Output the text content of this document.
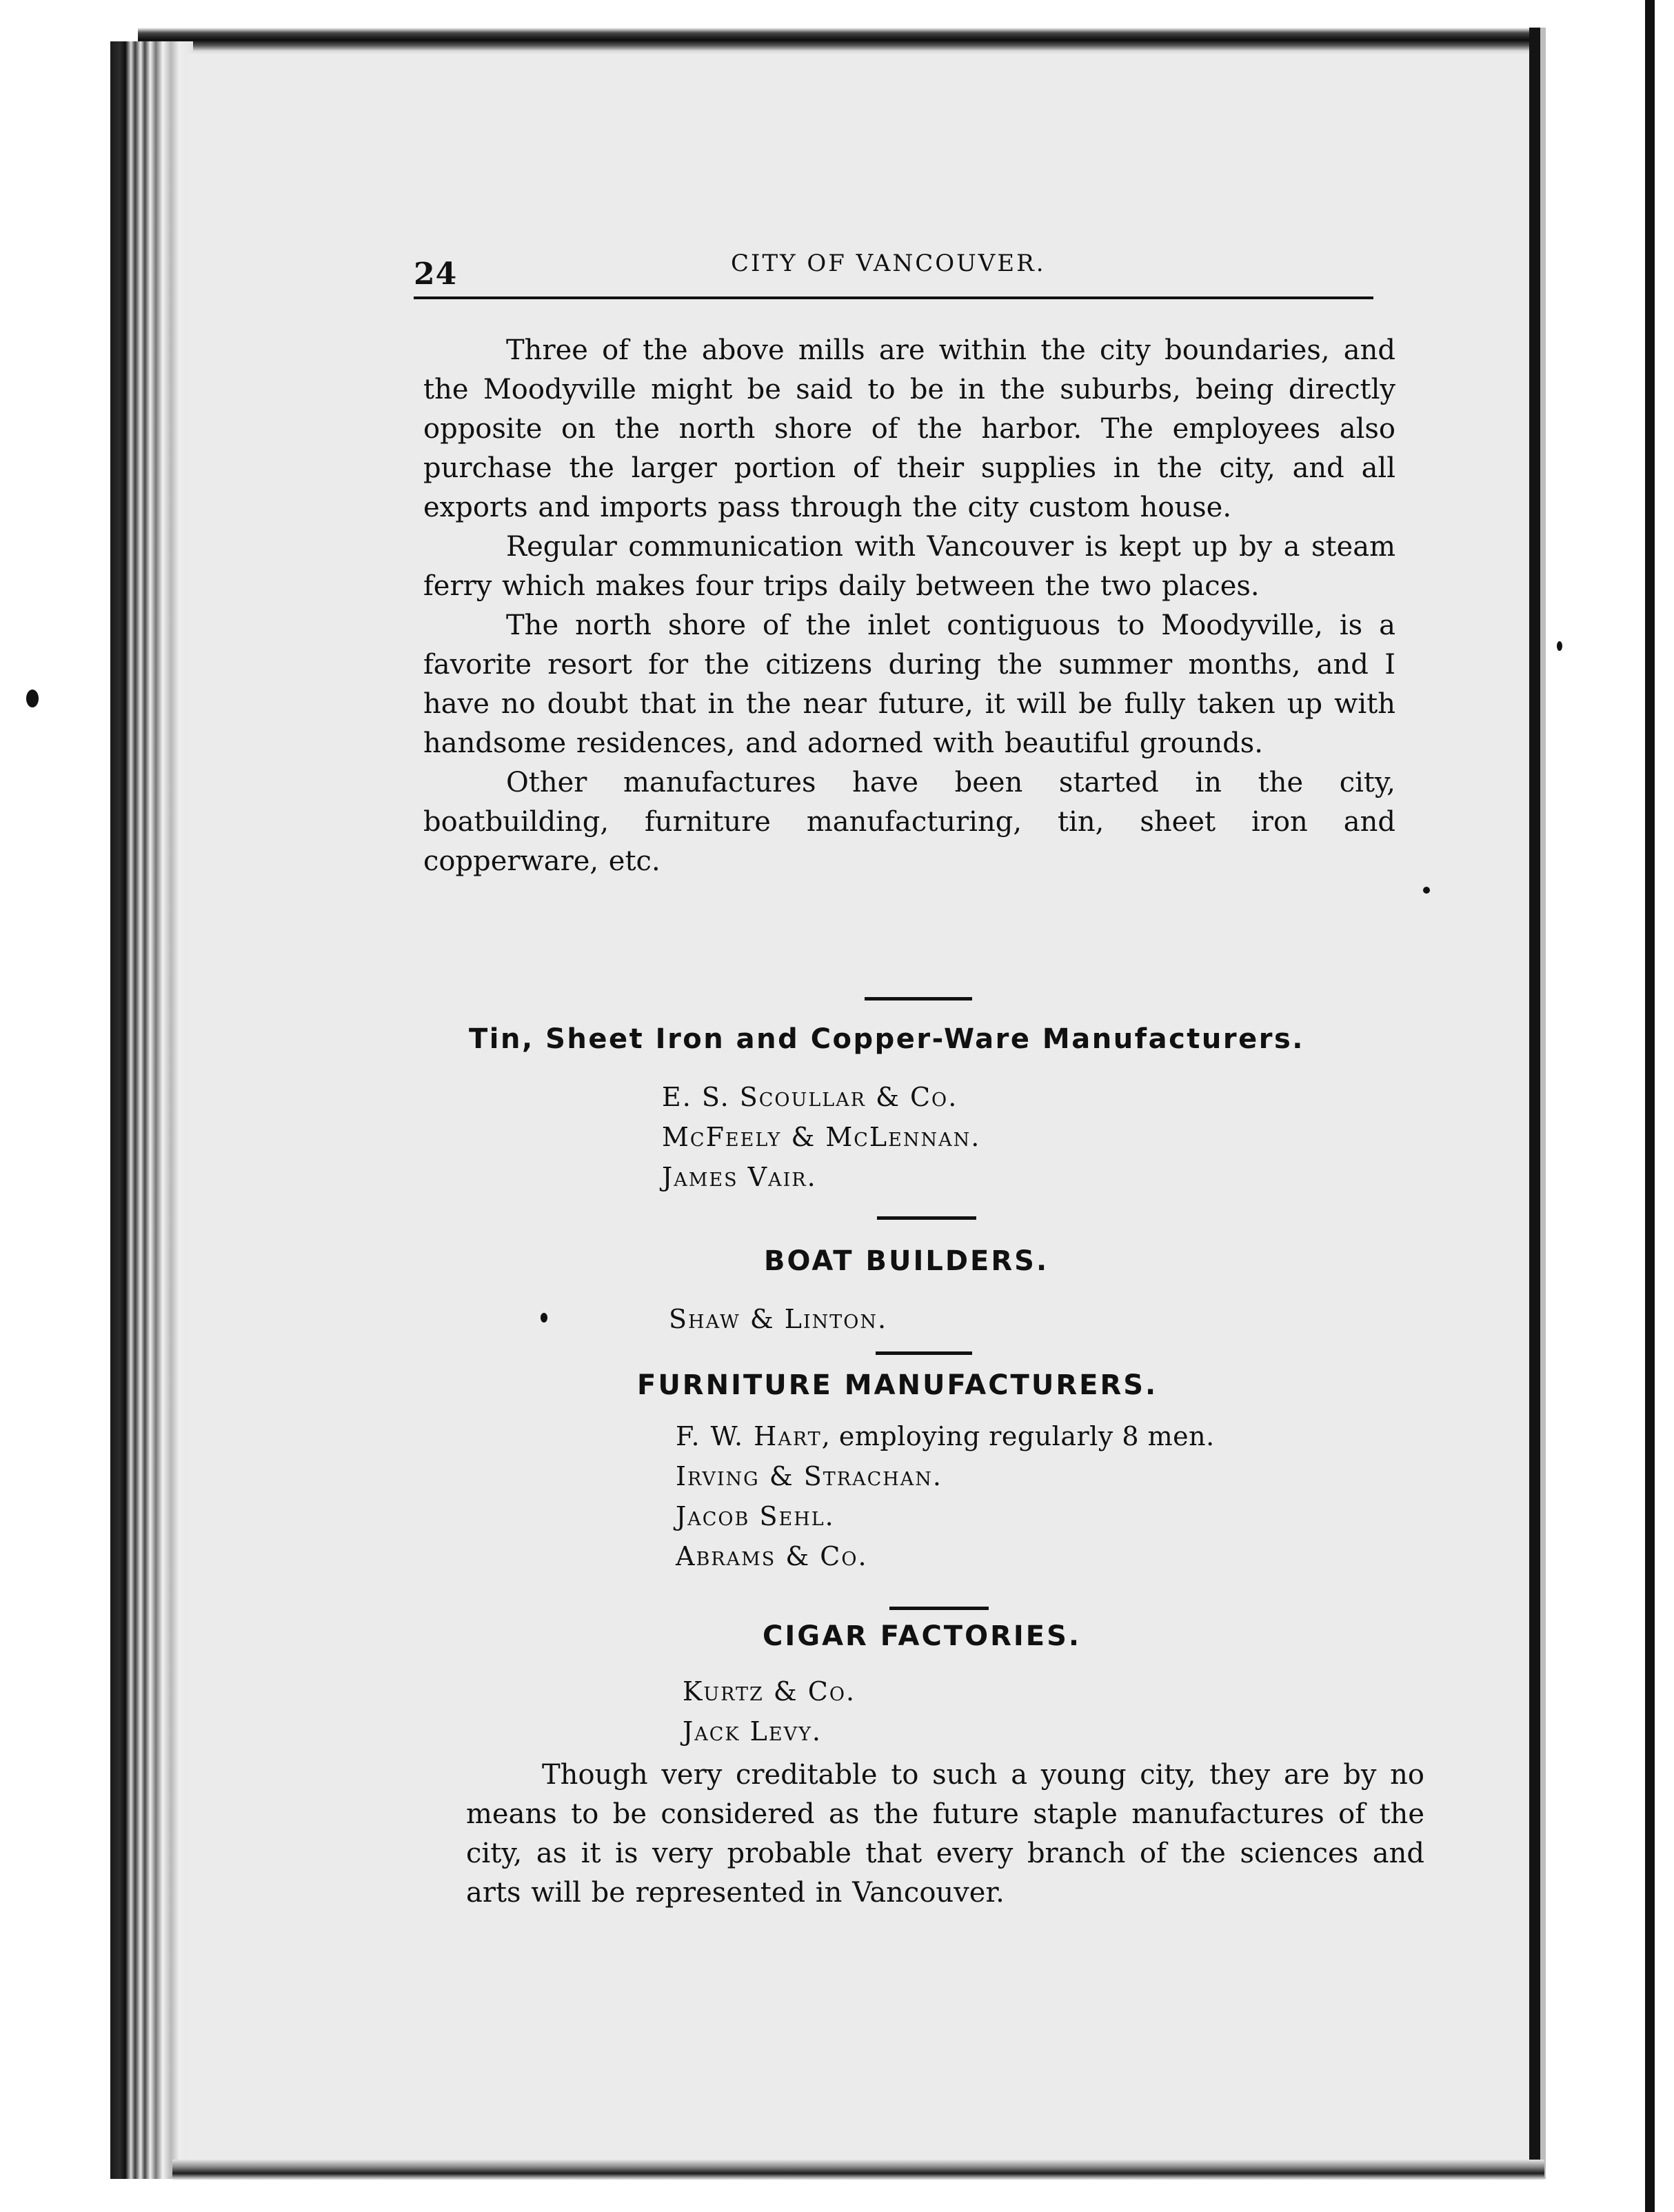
24	CITY OF VANCOUVER.

Three of the above mills are within the city boundaries, and the Moodyville might be said to be in the suburbs, being directly opposite on the north shore of the harbor. The employees also purchase the larger portion of their supplies in the city, and all exports and imports pass through the city custom house.

Regular communication with Vancouver is kept up by a steam ferry which makes four trips daily between the two places.

The north shore of the inlet contiguous to Moodyville, is a favorite resort for the citizens during the summer months, and I have no doubt that in the near future, it will be fully taken up with handsome residences, and adorned with beautiful grounds.

Other manufactures have been started in the city, boatbuilding, furniture manufacturing, tin, sheet iron and copperware, etc.

Tin, Sheet Iron and Copper-Ware Manufacturers.
E. S. Scoullar & Co.
McFeely & McLennan.
James Vair.
BOAT BUILDERS.
Shaw & Linton.
FURNITURE MANUFACTURERS.
F. W. Hart, employing regularly 8 men.
Irving & Strachan.
Jacob Sehl.
Abrams & Co.
CIGAR FACTORIES.
Kurtz & Co.
Jack Levy.

Though very creditable to such a young city, they are by no means to be considered as the future staple manufactures of the city, as it is very probable that every branch of the sciences and arts will be represented in Vancouver.
